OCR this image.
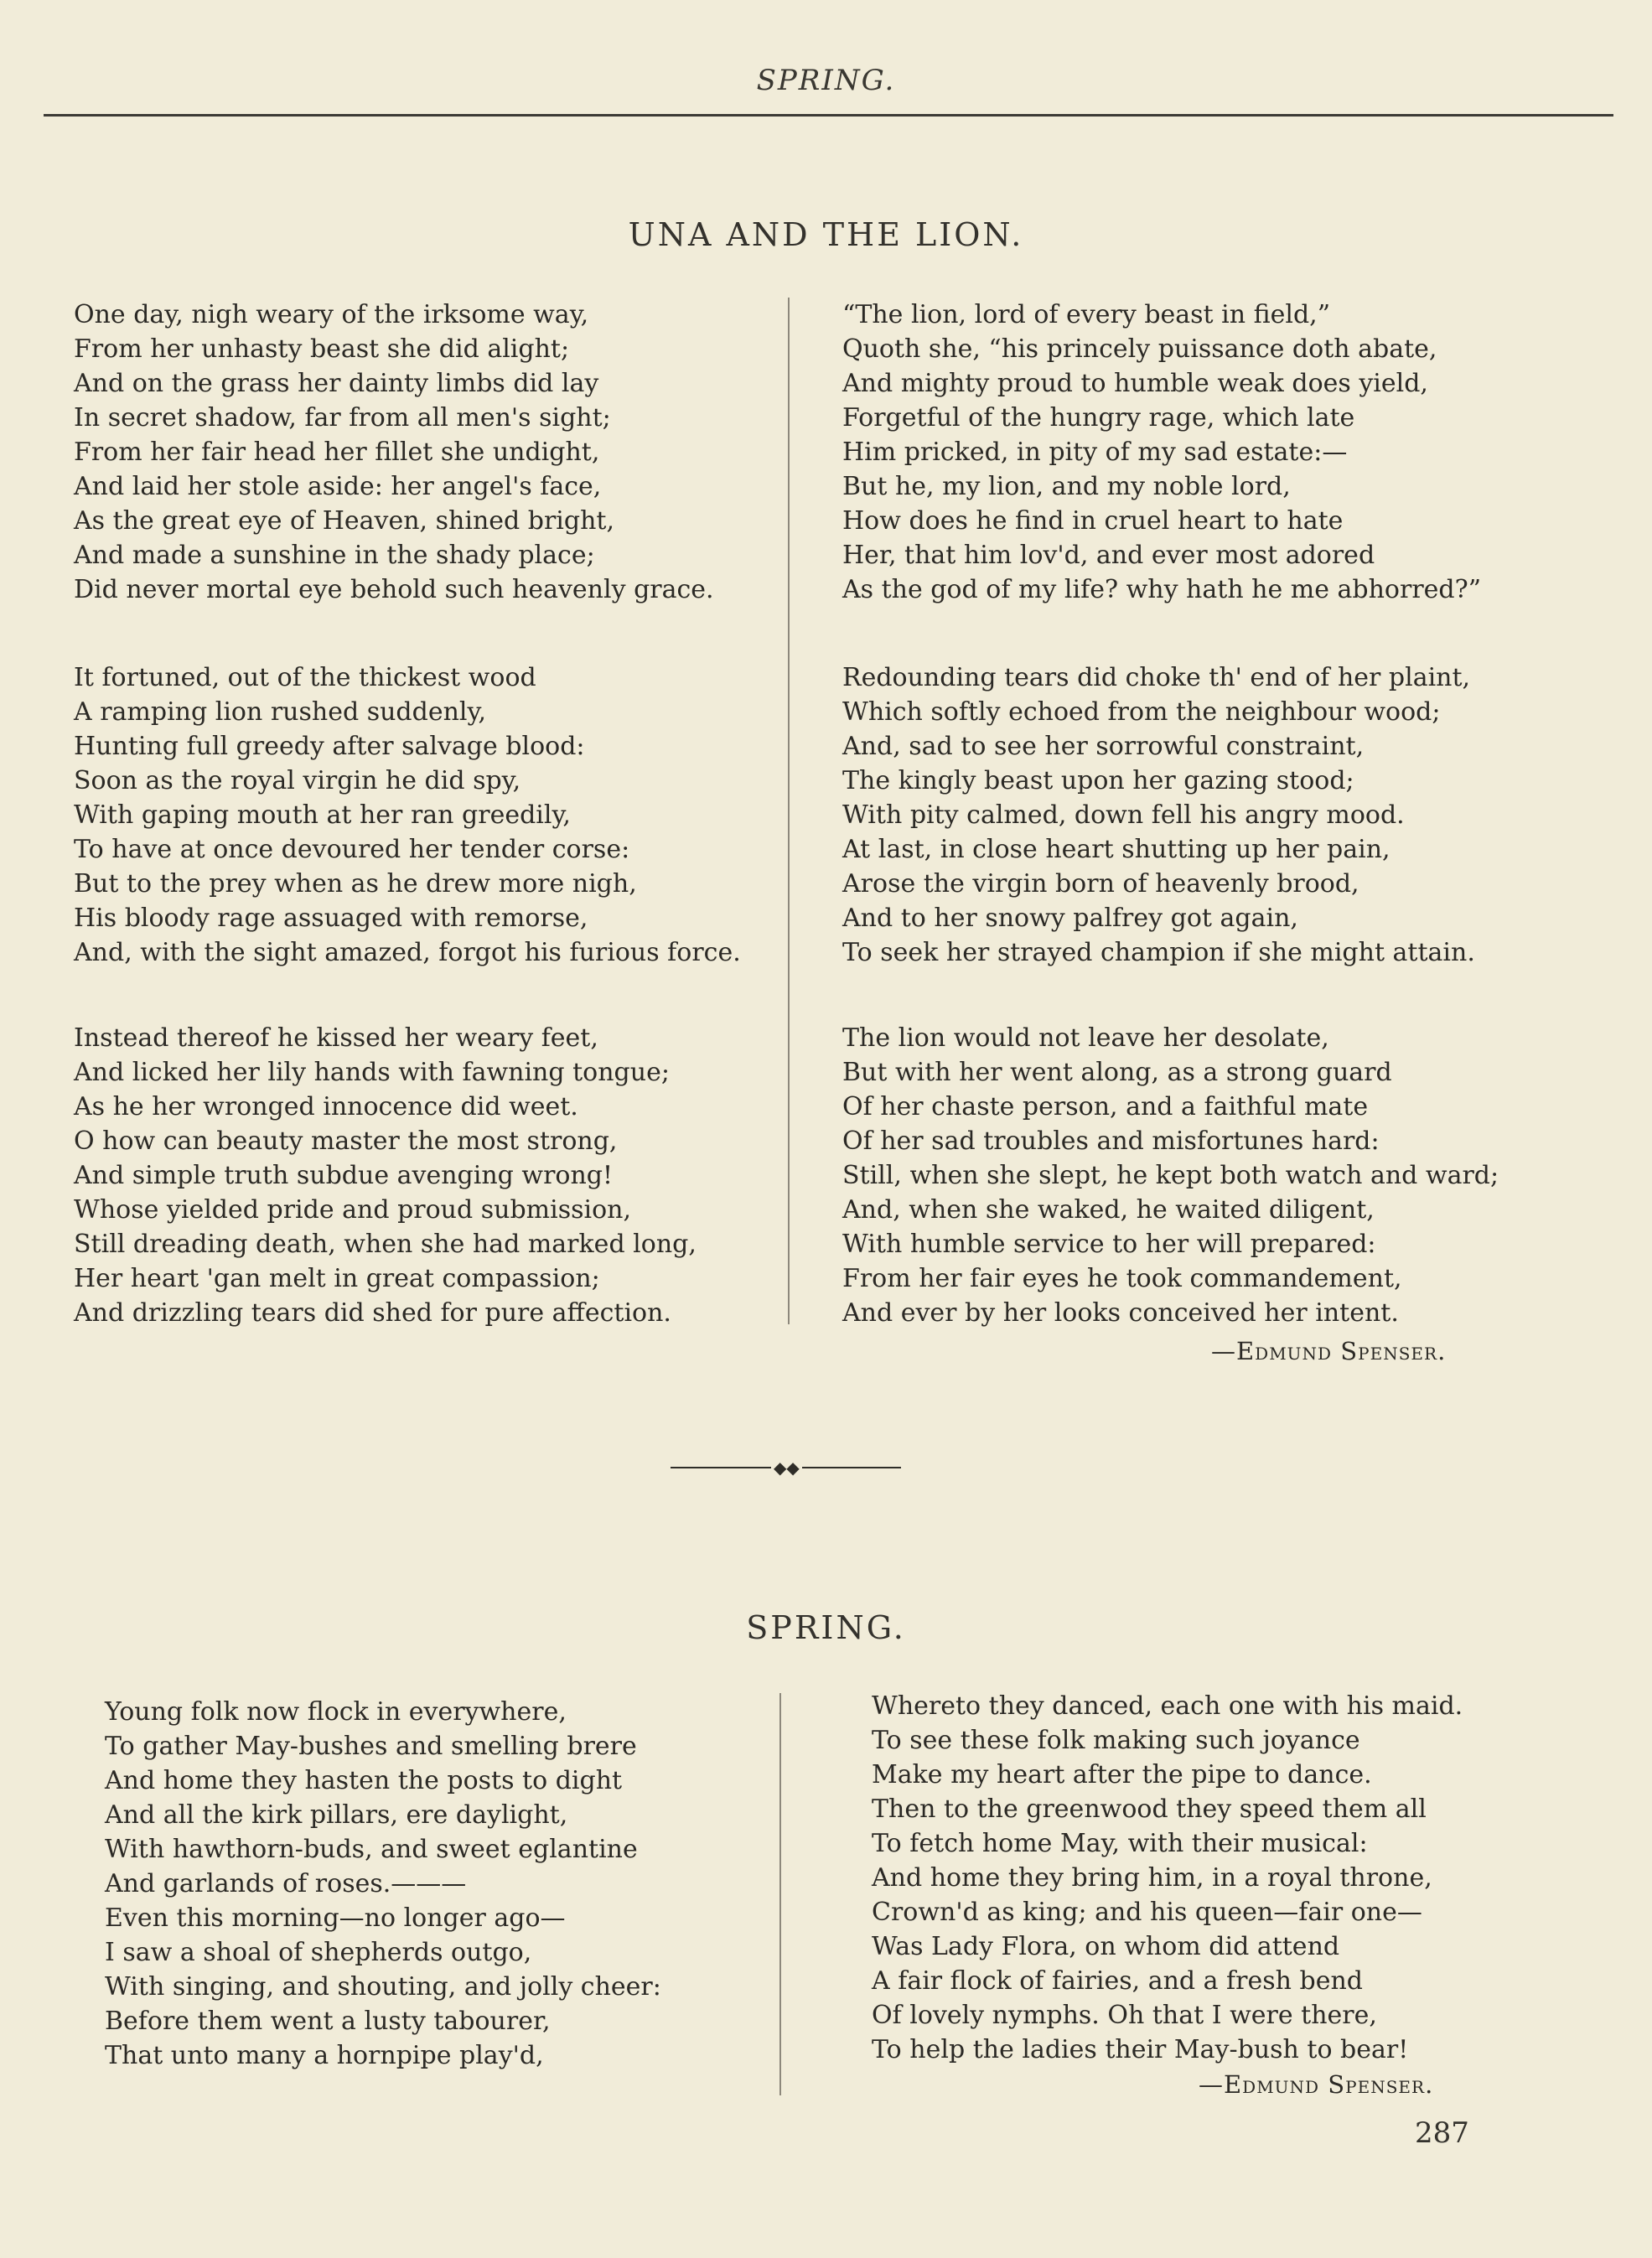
SPRING.
UNA AND THE LION.
One day, nigh weary of the irksome way,
From her unhasty beast she did alight;
And on the grass her dainty limbs did lay
In secret shadow, far from all men's sight;
From her fair head her fillet she undight,
And laid her stole aside: her angel's face,
As the great eye of Heaven, shined bright,
And made a sunshine in the shady place;
Did never mortal eye behold such heavenly grace.
It fortuned, out of the thickest wood
A ramping lion rushed suddenly,
Hunting full greedy after salvage blood:
Soon as the royal virgin he did spy,
With gaping mouth at her ran greedily,
To have at once devoured her tender corse:
But to the prey when as he drew more nigh,
His bloody rage assuaged with remorse,
And, with the sight amazed, forgot his furious force.
Instead thereof he kissed her weary feet,
And licked her lily hands with fawning tongue;
As he her wronged innocence did weet.
O how can beauty master the most strong,
And simple truth subdue avenging wrong!
Whose yielded pride and proud submission,
Still dreading death, when she had marked long,
Her heart 'gan melt in great compassion;
And drizzling tears did shed for pure affection.
“The lion, lord of every beast in field,”
Quoth she, “his princely puissance doth abate,
And mighty proud to humble weak does yield,
Forgetful of the hungry rage, which late
Him pricked, in pity of my sad estate:—
But he, my lion, and my noble lord,
How does he find in cruel heart to hate
Her, that him lov'd, and ever most adored
As the god of my life? why hath he me abhorred?”
Redounding tears did choke th' end of her plaint,
Which softly echoed from the neighbour wood;
And, sad to see her sorrowful constraint,
The kingly beast upon her gazing stood;
With pity calmed, down fell his angry mood.
At last, in close heart shutting up her pain,
Arose the virgin born of heavenly brood,
And to her snowy palfrey got again,
To seek her strayed champion if she might attain.
The lion would not leave her desolate,
But with her went along, as a strong guard
Of her chaste person, and a faithful mate
Of her sad troubles and misfortunes hard:
Still, when she slept, he kept both watch and ward;
And, when she waked, he waited diligent,
With humble service to her will prepared:
From her fair eyes he took commandement,
And ever by her looks conceived her intent.
—Edmund Spenser.
◆◆
SPRING.
Young folk now flock in everywhere,
To gather May-bushes and smelling brere
And home they hasten the posts to dight
And all the kirk pillars, ere daylight,
With hawthorn-buds, and sweet eglantine
And garlands of roses.———
Even this morning—no longer ago—
I saw a shoal of shepherds outgo,
With singing, and shouting, and jolly cheer:
Before them went a lusty tabourer,
That unto many a hornpipe play'd,
Whereto they danced, each one with his maid.
To see these folk making such joyance
Make my heart after the pipe to dance.
Then to the greenwood they speed them all
To fetch home May, with their musical:
And home they bring him, in a royal throne,
Crown'd as king; and his queen—fair one—
Was Lady Flora, on whom did attend
A fair flock of fairies, and a fresh bend
Of lovely nymphs. Oh that I were there,
To help the ladies their May-bush to bear!
—Edmund Spenser.
287
